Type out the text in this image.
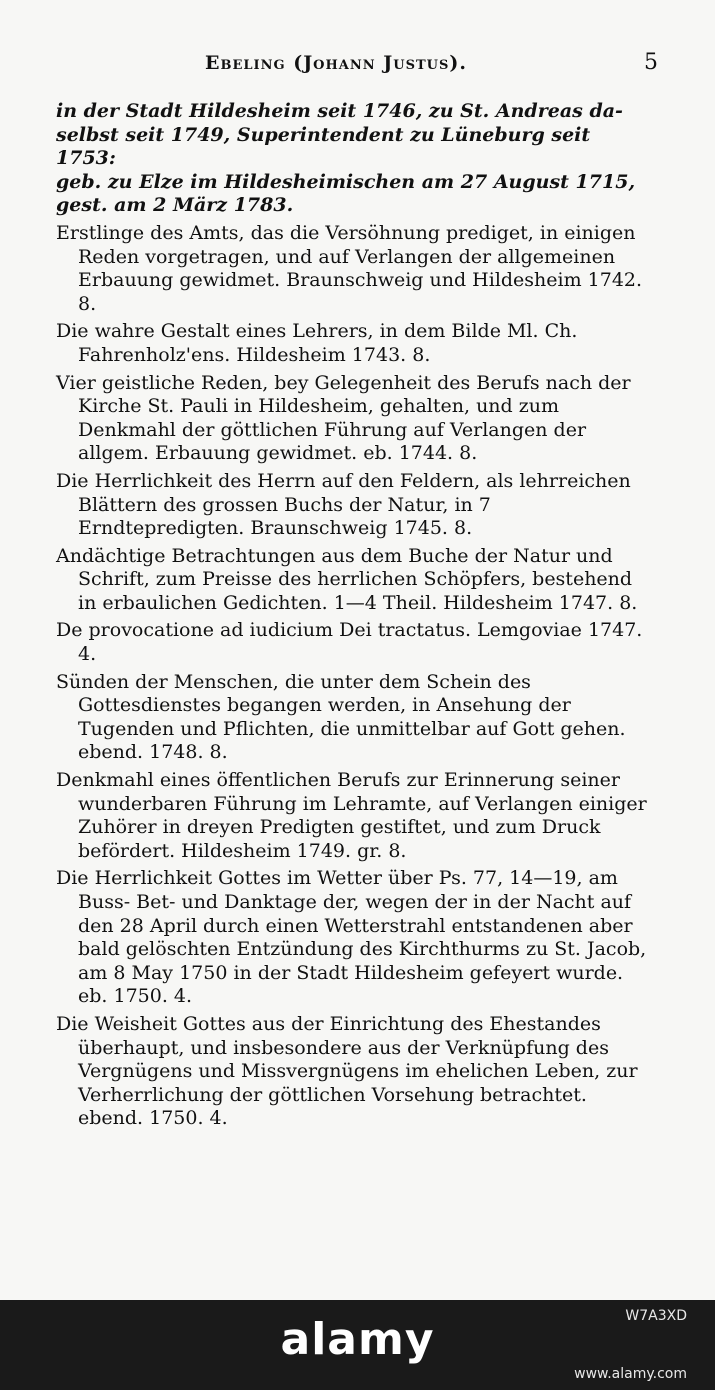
Ebeling (Johann Justus).	5

in der Stadt Hildesheim seit 1746, zu St. Andreas da-

selbst seit 1749, Superintendent zu Lüneburg seit 1753:

geb. zu Elze im Hildesheimischen am 27 August 1715,

gest. am 2 März 1783.

Erstlinge des Amts, das die Versöhnung prediget, in einigen Reden vorgetragen, und auf Verlangen der allgemeinen Erbauung gewidmet. Braunschweig und Hildesheim 1742. 8.

Die wahre Gestalt eines Lehrers, in dem Bilde Ml. Ch. Fahrenholz'ens. Hildesheim 1743. 8.

Vier geistliche Reden, bey Gelegenheit des Berufs nach der Kirche St. Pauli in Hildesheim, gehalten, und zum Denkmahl der göttlichen Führung auf Verlangen der allgem. Erbauung gewidmet. eb. 1744. 8.

Die Herrlichkeit des Herrn auf den Feldern, als lehrreichen Blättern des grossen Buchs der Natur, in 7 Erndtepredigten. Braunschweig 1745. 8.

Andächtige Betrachtungen aus dem Buche der Natur und Schrift, zum Preisse des herrlichen Schöpfers, bestehend in erbaulichen Gedichten. 1—4 Theil. Hildesheim 1747. 8.

De provocatione ad iudicium Dei tractatus. Lemgoviae 1747. 4.

Sünden der Menschen, die unter dem Schein des Gottesdienstes begangen werden, in Ansehung der Tugenden und Pflichten, die unmittelbar auf Gott gehen. ebend. 1748. 8.

Denkmahl eines öffentlichen Berufs zur Erinnerung seiner wunderbaren Führung im Lehramte, auf Verlangen einiger Zuhörer in dreyen Predigten gestiftet, und zum Druck befördert. Hildesheim 1749. gr. 8.

Die Herrlichkeit Gottes im Wetter über Ps. 77, 14—19, am Buss- Bet- und Danktage der, wegen der in der Nacht auf den 28 April durch einen Wetterstrahl entstandenen aber bald gelöschten Entzündung des Kirchthurms zu St. Jacob, am 8 May 1750 in der Stadt Hildesheim gefeyert wurde. eb. 1750. 4.

Die Weisheit Gottes aus der Einrichtung des Ehestandes überhaupt, und insbesondere aus der Verknüpfung des Vergnügens und Missvergnügens im ehelichen Leben, zur Verherrlichung der göttlichen Vorsehung betrachtet. ebend. 1750. 4.

W7A3XD
alamy
www.alamy.com
